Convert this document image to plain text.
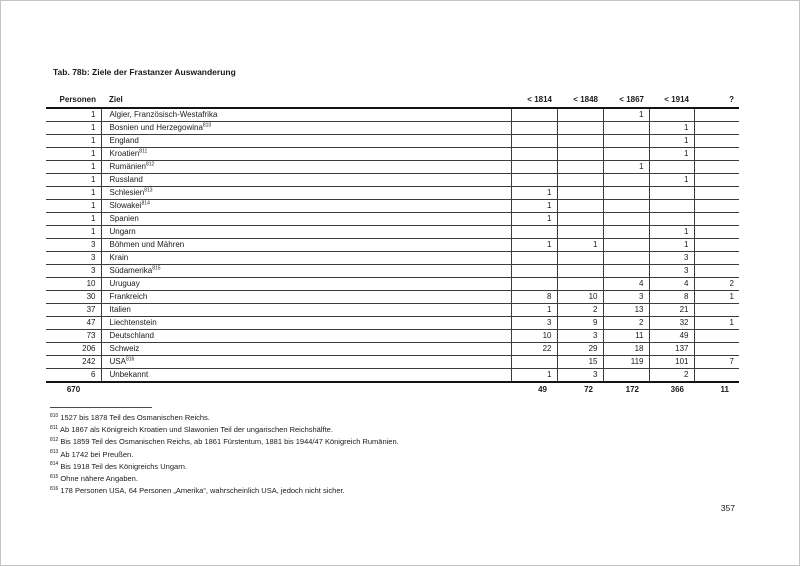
Tab. 78b: Ziele der Frastanzer Auswanderung
Personen	Ziel	< 1814	< 1848	< 1867	< 1914	?
1	Algier, Französisch-Westafrika			1		
1	Bosnien und Herzegowina$^{810}$				1	
1	England				1	
1	Kroatien$^{811}$				1	
1	Rumänien$^{812}$			1		
1	Russland				1	
1	Schlesien$^{813}$	1				
1	Slowakei$^{814}$	1				
1	Spanien	1				
1	Ungarn				1	
3	Böhmen und Mähren	1	1		1	
3	Krain				3	
3	Südamerika$^{815}$				3	
10	Uruguay			4	4	2
30	Frankreich	8	10	3	8	1
37	Italien	1	2	13	21	
47	Liechtenstein	3	9	2	32	1
73	Deutschland	10	3	11	49	
206	Schweiz	22	29	18	137	
242	USA$^{816}$		15	119	101	7
6	Unbekannt	1	3		2	
670		49	72	172	366	11
$^{810}$ 1527 bis 1878 Teil des Osmanischen Reichs.
$^{811}$ Ab 1867 als Königreich Kroatien und Slawonien Teil der ungarischen Reichshälfte.
$^{812}$ Bis 1859 Teil des Osmanischen Reichs, ab 1861 Fürstentum, 1881 bis 1944/47 Königreich Rumänien.
$^{813}$ Ab 1742 bei Preußen.
$^{814}$ Bis 1918 Teil des Königreichs Ungarn.
$^{815}$ Ohne nähere Angaben.
$^{816}$ 178 Personen USA, 64 Personen „Amerika“, wahrscheinlich USA, jedoch nicht sicher.
357
